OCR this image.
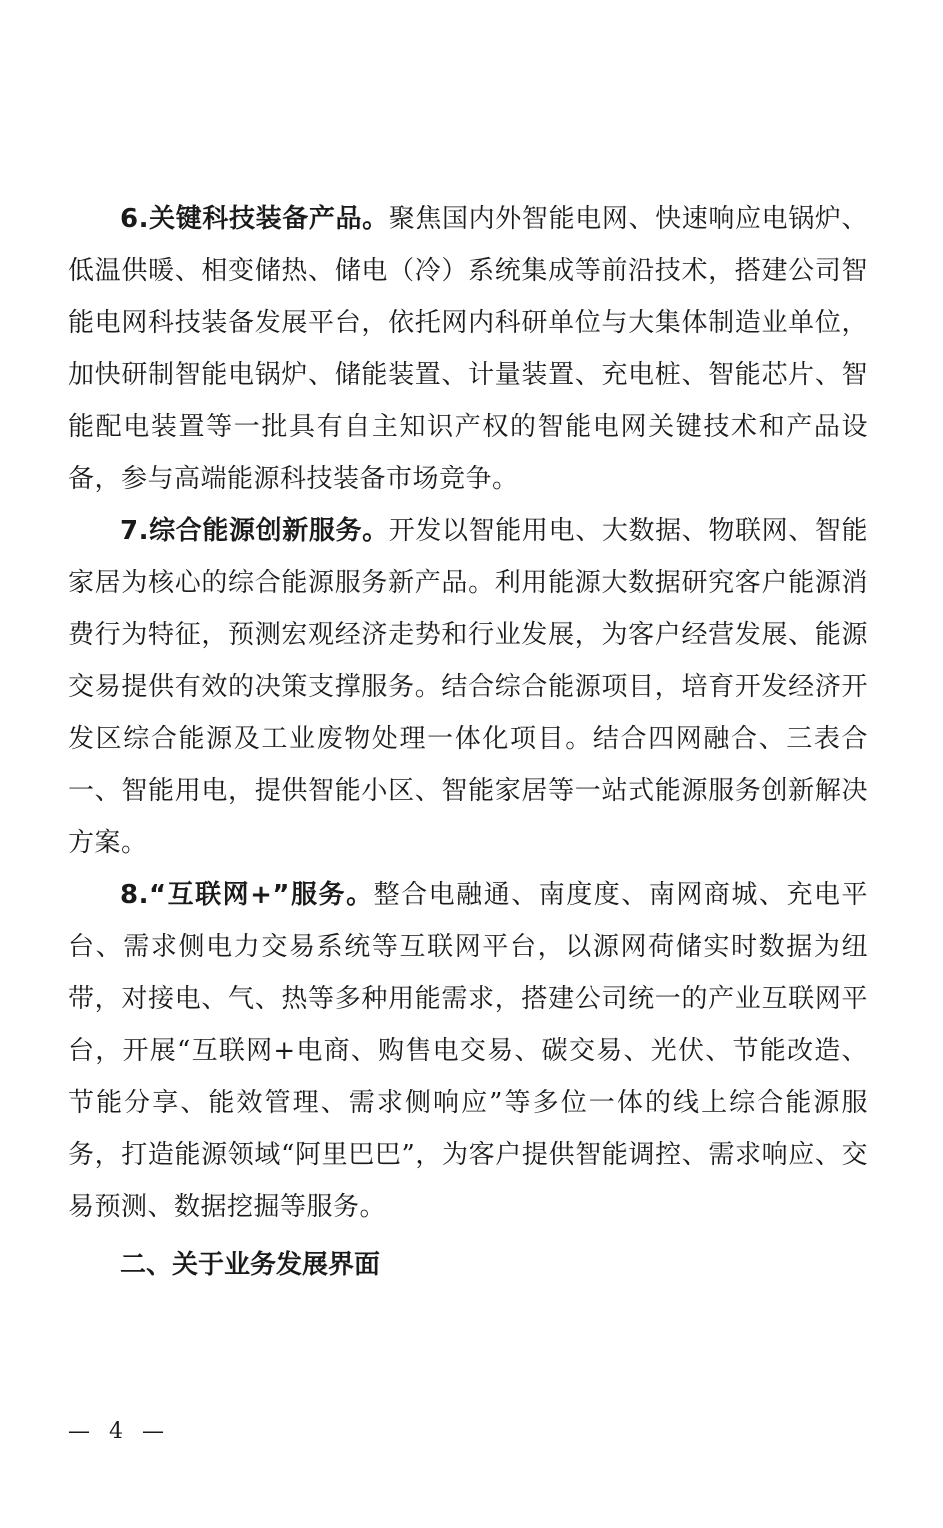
6.关键科技装备产品。聚焦国内外智能电网、快速响应电锅炉、低温供暖、相变储热、储电（冷）系统集成等前沿技术，搭建公司智能电网科技装备发展平台，依托网内科研单位与大集体制造业单位，加快研制智能电锅炉、储能装置、计量装置、充电桩、智能芯片、智能配电装置等一批具有自主知识产权的智能电网关键技术和产品设备，参与高端能源科技装备市场竞争。

7.综合能源创新服务。开发以智能用电、大数据、物联网、智能家居为核心的综合能源服务新产品。利用能源大数据研究客户能源消费行为特征，预测宏观经济走势和行业发展，为客户经营发展、能源交易提供有效的决策支撑服务。结合综合能源项目，培育开发经济开发区综合能源及工业废物处理一体化项目。结合四网融合、三表合一、智能用电，提供智能小区、智能家居等一站式能源服务创新解决方案。

8.“互联网+”服务。整合电融通、南度度、南网商城、充电平台、需求侧电力交易系统等互联网平台，以源网荷储实时数据为纽带，对接电、气、热等多种用能需求，搭建公司统一的产业互联网平台，开展“互联网+电商、购售电交易、碳交易、光伏、节能改造、节能分享、能效管理、需求侧响应”等多位一体的线上综合能源服务，打造能源领域“阿里巴巴”，为客户提供智能调控、需求响应、交易预测、数据挖掘等服务。

二、关于业务发展界面

— 4 —
